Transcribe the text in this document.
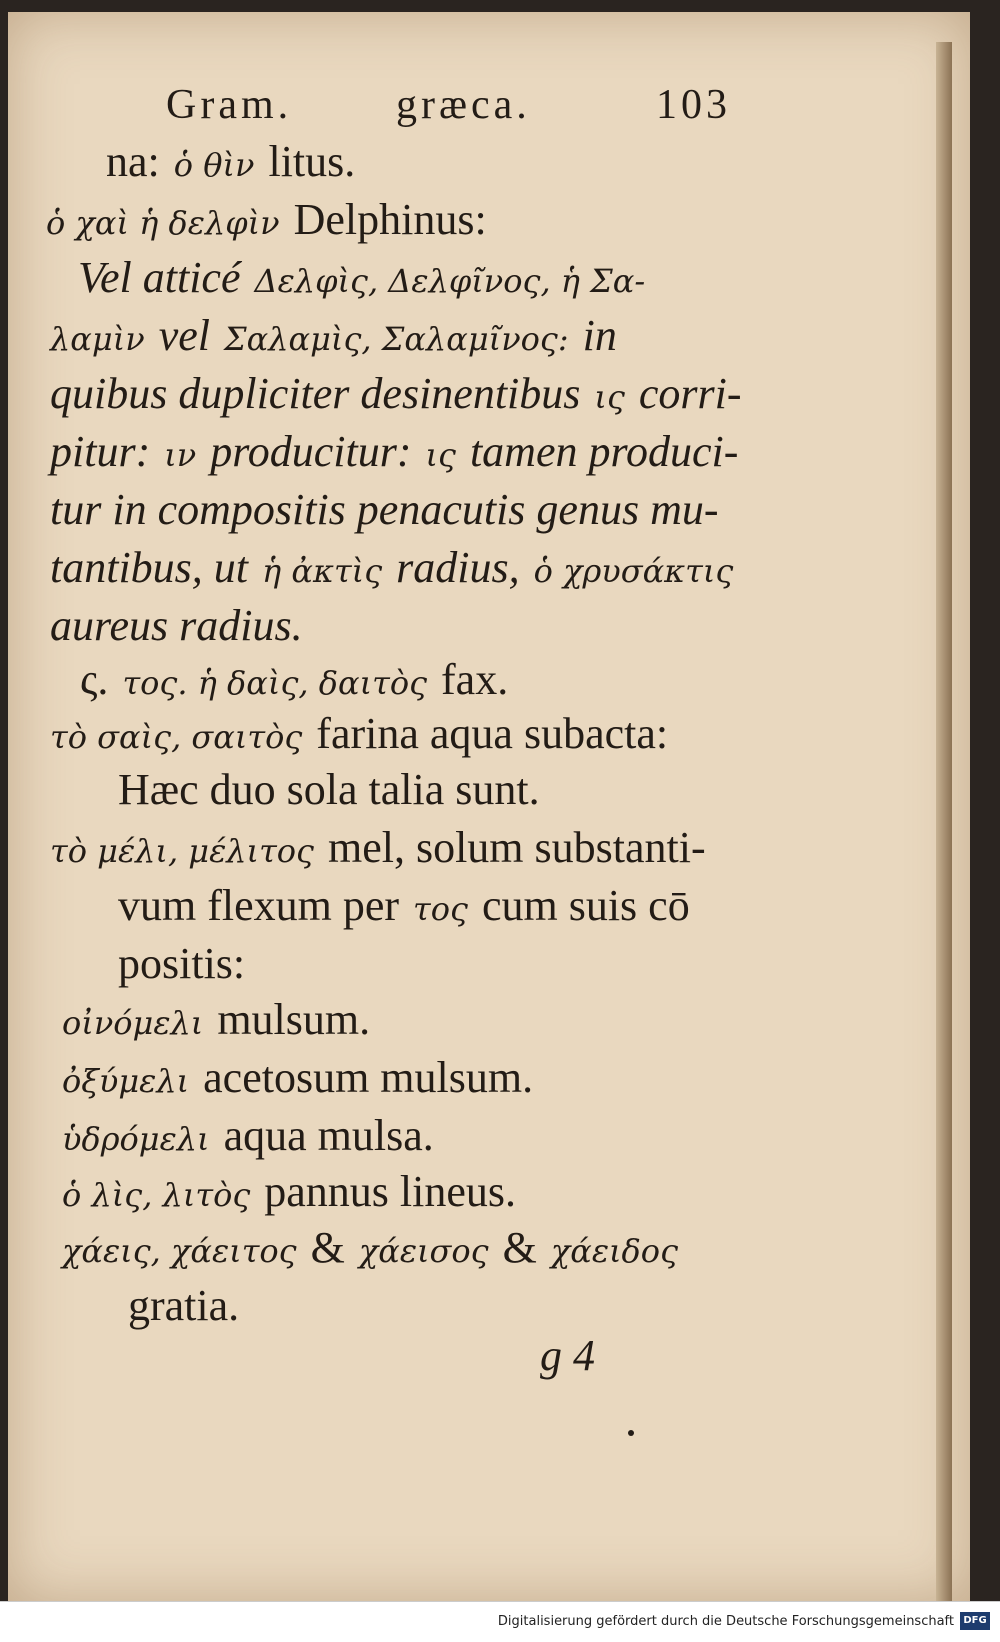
Gram. græca.	103
na: ὁ θὶν litus.
ὁ χαὶ ἡ δελφὶν Delphinus:
Vel atticé Δελφὶς, Δελφῖνος, ἡ Σα-
λαμὶν vel Σαλαμὶς, Σαλαμῖνος: in
quibus dupliciter desinentibus ις corri-
pitur: ιν producitur: ις tamen produci-
tur in compositis penacutis genus mu-
tantibus, ut ἡ ἀκτὶς radius, ὁ χρυσάκτις
aureus radius.
ς. τος. ἡ δαὶς, δαιτὸς fax.
τὸ σαὶς, σαιτὸς farina aqua subacta:
Hæc duo sola talia sunt.
τὸ μέλι, μέλιτος mel, solum substanti-
vum flexum per τος cum suis cō
positis:
οἰνόμελι mulsum.
ὀξύμελι acetosum mulsum.
ὑδρόμελι aqua mulsa.
ὁ λὶς, λιτὸς pannus lineus.
χάεις, χάειτος & χάεισος & χάειδος
gratia.
g 4
Digitalisierung gefördert durch die Deutsche Forschungsgemeinschaft DFG
